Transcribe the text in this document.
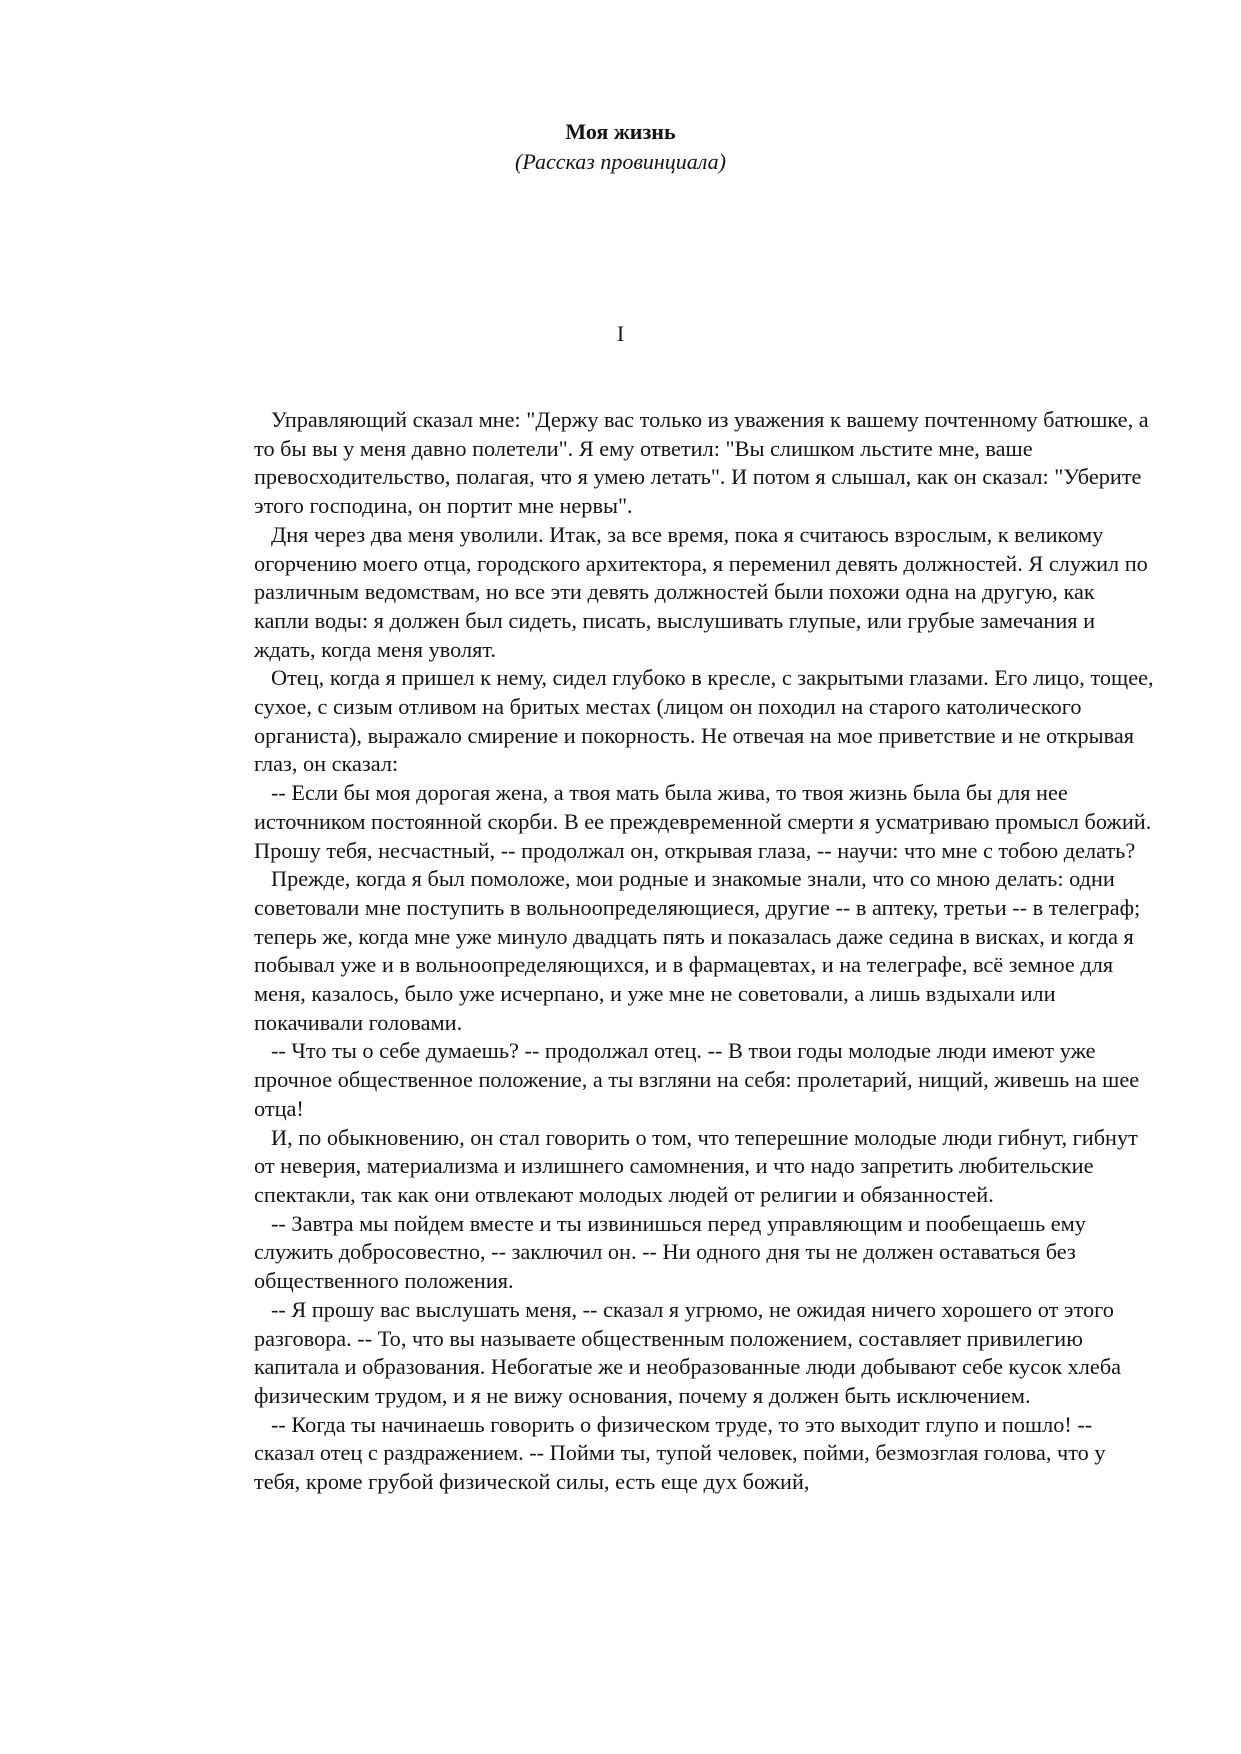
Моя жизнь
(Рассказ провинциала)
I

Управляющий сказал мне: "Держу вас только из уважения к вашему почтенному батюшке, а то бы вы у меня давно полетели". Я ему ответил: "Вы слишком льстите мне, ваше превосходительство, полагая, что я умею летать". И потом я слышал, как он сказал: "Уберите этого господина, он портит мне нервы".

Дня через два меня уволили. Итак, за все время, пока я считаюсь взрослым, к великому огорчению моего отца, городского архитектора, я переменил девять должностей. Я служил по различным ведомствам, но все эти девять должностей были похожи одна на другую, как капли воды: я должен был сидеть, писать, выслушивать глупые, или грубые замечания и ждать, когда меня уволят.

Отец, когда я пришел к нему, сидел глубоко в кресле, с закрытыми глазами. Его лицо, тощее, сухое, с сизым отливом на бритых местах (лицом он походил на старого католического органиста), выражало смирение и покорность. Не отвечая на мое приветствие и не открывая глаз, он сказал:

-- Если бы моя дорогая жена, а твоя мать была жива, то твоя жизнь была бы для нее источником постоянной скорби. В ее преждевременной смерти я усматриваю промысл божий. Прошу тебя, несчастный, -- продолжал он, открывая глаза, -- научи: что мне с тобою делать?

Прежде, когда я был помоложе, мои родные и знакомые знали, что со мною делать: одни советовали мне поступить в вольноопределяющиеся, другие -- в аптеку, третьи -- в телеграф; теперь же, когда мне уже минуло двадцать пять и показалась даже седина в висках, и когда я побывал уже и в вольноопределяющихся, и в фармацевтах, и на телеграфе, всё земное для меня, казалось, было уже исчерпано, и уже мне не советовали, а лишь вздыхали или покачивали головами.

-- Что ты о себе думаешь? -- продолжал отец. -- В твои годы молодые люди имеют уже прочное общественное положение, а ты взгляни на себя: пролетарий, нищий, живешь на шее отца!

И, по обыкновению, он стал говорить о том, что теперешние молодые люди гибнут, гибнут от неверия, материализма и излишнего самомнения, и что надо запретить любительские спектакли, так как они отвлекают молодых людей от религии и обязанностей.

-- Завтра мы пойдем вместе и ты извинишься перед управляющим и пообещаешь ему служить добросовестно, -- заключил он. -- Ни одного дня ты не должен оставаться без общественного положения.

-- Я прошу вас выслушать меня, -- сказал я угрюмо, не ожидая ничего хорошего от этого разговора. -- То, что вы называете общественным положением, составляет привилегию капитала и образования. Небогатые же и необразованные люди добывают себе кусок хлеба физическим трудом, и я не вижу основания, почему я должен быть исключением.

-- Когда ты начинаешь говорить о физическом труде, то это выходит глупо и пошло! -- сказал отец с раздражением. -- Пойми ты, тупой человек, пойми, безмозглая голова, что у тебя, кроме грубой физической силы, есть еще дух божий,
